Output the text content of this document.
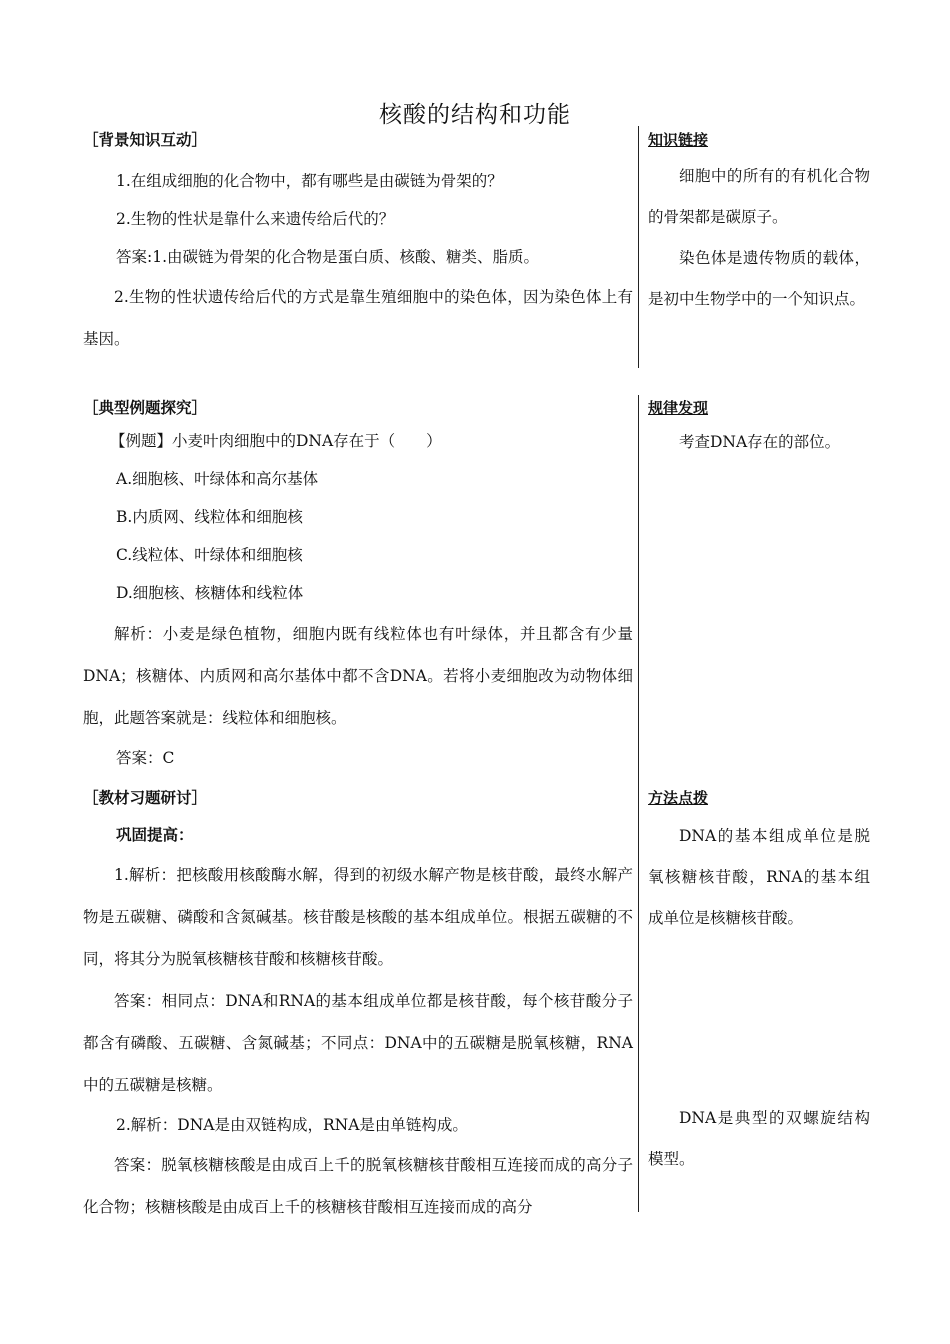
核酸的结构和功能
［背景知识互动］
1.在组成细胞的化合物中，都有哪些是由碳链为骨架的？
2.生物的性状是靠什么来遗传给后代的？
答案:1.由碳链为骨架的化合物是蛋白质、核酸、糖类、脂质。
2.生物的性状遗传给后代的方式是靠生殖细胞中的染色体，因为染色体上有基因。
知识链接
细胞中的所有的有机化合物的骨架都是碳原子。
染色体是遗传物质的载体，是初中生物学中的一个知识点。
［典型例题探究］
【例题】小麦叶肉细胞中的DNA存在于（　　）
A.细胞核、叶绿体和高尔基体
B.内质网、线粒体和细胞核
C.线粒体、叶绿体和细胞核
D.细胞核、核糖体和线粒体
解析：小麦是绿色植物，细胞内既有线粒体也有叶绿体，并且都含有少量DNA；核糖体、内质网和高尔基体中都不含DNA。若将小麦细胞改为动物体细胞，此题答案就是：线粒体和细胞核。
答案：C
规律发现
考查DNA存在的部位。
［教材习题研讨］
巩固提高：
1.解析：把核酸用核酸酶水解，得到的初级水解产物是核苷酸，最终水解产物是五碳糖、磷酸和含氮碱基。核苷酸是核酸的基本组成单位。根据五碳糖的不同，将其分为脱氧核糖核苷酸和核糖核苷酸。
答案：相同点：DNA和RNA的基本组成单位都是核苷酸，每个核苷酸分子都含有磷酸、五碳糖、含氮碱基；不同点：DNA中的五碳糖是脱氧核糖，RNA中的五碳糖是核糖。
2.解析：DNA是由双链构成，RNA是由单链构成。
答案：脱氧核糖核酸是由成百上千的脱氧核糖核苷酸相互连接而成的高分子化合物；核糖核酸是由成百上千的核糖核苷酸相互连接而成的高分
方法点拨
DNA的基本组成单位是脱氧核糖核苷酸，RNA的基本组成单位是核糖核苷酸。
DNA是典型的双螺旋结构模型。
